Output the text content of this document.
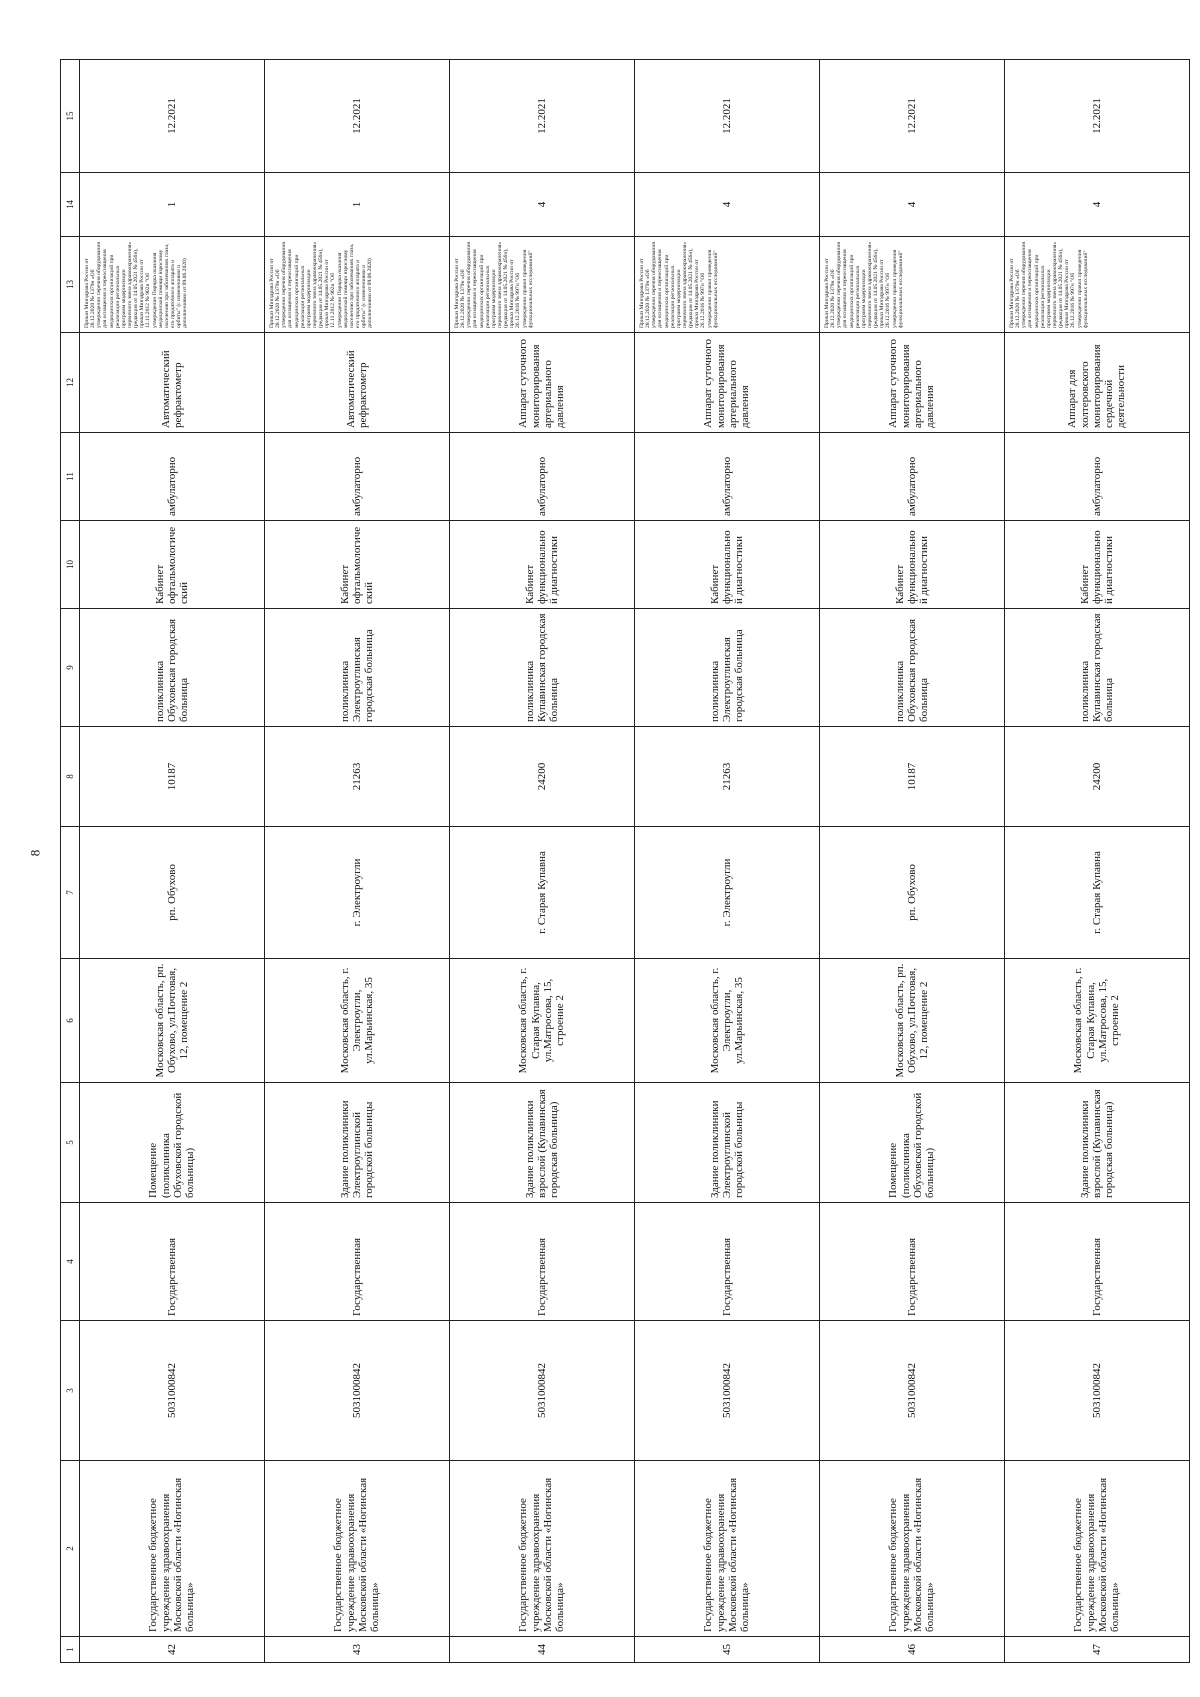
8
1	2	3	4	5	6	7	8	9	10	11	12	13	14	15
42	Государственное бюджетное учреждение здравоохранения Московской области «Ногинская больница»	5031000842	Государственная	Помещение (поликлиника Обуховской городской больницы)	Московская область, рп. Обухово, ул.Почтовая, 12, помещение 2	рп. Обухово	10187	поликлиника Обуховская городская больница	Кабинет офтальмологический	амбулаторно	Автоматический рефрактометр	Приказ Минздрава России от 28.12.2020 № 1379н «Об утверждении перечня оборудования для оснащения и переоснащения медицинских организаций при реализации региональных программ модернизации первичного звена здравоохранения» (редакция от 14.05.2021 № 456н), приказ Минздрава России от 12.11.2012 № 902н "Об утверждении Порядка оказания медицинской помощи взрослому населению при заболеваниях глаза, его придаточного аппарата и орбиты" (с изменениями и дополнениями от 09.06.2020)	1	12.2021
43	Государственное бюджетное учреждение здравоохранения Московской области «Ногинская больница»	5031000842	Государственная	Здание поликлиники Электроуглинской городской больницы	Московская область, г. Электроугли, ул.Марьинская, 35	г. Электроугли	21263	поликлиника Электроуглинская городская больница	Кабинет офтальмологический	амбулаторно	Автоматический рефрактометр	Приказ Минздрава России от 28.12.2020 № 1379н «Об утверждении перечня оборудования для оснащения и переоснащения медицинских организаций при реализации региональных программ модернизации первичного звена здравоохранения» (редакция от 14.05.2021 № 456н), приказ Минздрава России от 12.11.2012 № 902н "Об утверждении Порядка оказания медицинской помощи взрослому населению при заболеваниях глаза, его придаточного аппарата и орбиты" (с изменениями и дополнениями от 09.06.2020)	1	12.2021
44	Государственное бюджетное учреждение здравоохранения Московской области «Ногинская больница»	5031000842	Государственная	Здание поликлиники взрослой (Купавинская городская больница)	Московская область, г. Старая Купавна, ул.Матросова, 15, строение 2	г. Старая Купавна	24200	поликлиника Купавинская городская больница	Кабинет функциональной диагностики	амбулаторно	Аппарат суточного мониторирования артериального давления	Приказ Минздрава России от 28.12.2020 № 1379н «Об утверждении перечня оборудования для оснащения и переоснащения медицинских организаций при реализации региональных программ модернизации первичного звена здравоохранения» (редакция от 14.05.2021 № 456н), приказ Минздрава России от 26.12.2016 № 997н "Об утверждении правил проведения функциональных исследований"	4	12.2021
45	Государственное бюджетное учреждение здравоохранения Московской области «Ногинская больница»	5031000842	Государственная	Здание поликлиники Электроуглинской городской больницы	Московская область, г. Электроугли, ул.Марьинская, 35	г. Электроугли	21263	поликлиника Электроуглинская городская больница	Кабинет функциональной диагностики	амбулаторно	Аппарат суточного мониторирования артериального давления	Приказ Минздрава России от 28.12.2020 № 1379н «Об утверждении перечня оборудования для оснащения и переоснащения медицинских организаций при реализации региональных программ модернизации первичного звена здравоохранения» (редакция от 14.05.2021 № 456н), приказ Минздрава России от 26.12.2016 № 997н "Об утверждении правил проведения функциональных исследований"	4	12.2021
46	Государственное бюджетное учреждение здравоохранения Московской области «Ногинская больница»	5031000842	Государственная	Помещение (поликлиника Обуховской городской больницы)	Московская область, рп. Обухово, ул.Почтовая, 12, помещение 2	рп. Обухово	10187	поликлиника Обуховская городская больница	Кабинет функциональной диагностики	амбулаторно	Аппарат суточного мониторирования артериального давления	Приказ Минздрава России от 28.12.2020 № 1379н «Об утверждении перечня оборудования для оснащения и переоснащения медицинских организаций при реализации региональных программ модернизации первичного звена здравоохранения» (редакция от 14.05.2021 № 456н), приказ Минздрава России от 26.12.2016 № 997н "Об утверждении правил проведения функциональных исследований"	4	12.2021
47	Государственное бюджетное учреждение здравоохранения Московской области «Ногинская больница»	5031000842	Государственная	Здание поликлиники взрослой (Купавинская городская больница)	Московская область, г. Старая Купавна, ул.Матросова, 15, строение 2	г. Старая Купавна	24200	поликлиника Купавинская городская больница	Кабинет функциональной диагностики	амбулаторно	Аппарат для холтеровского мониторирования сердечной деятельности	Приказ Минздрава России от 28.12.2020 № 1379н «Об утверждении перечня оборудования для оснащения и переоснащения медицинских организаций при реализации региональных программ модернизации первичного звена здравоохранения» (редакция от 14.05.2021 № 456н), приказ Минздрава России от 26.12.2016 № 997н "Об утверждении правил проведения функциональных исследований"	4	12.2021
